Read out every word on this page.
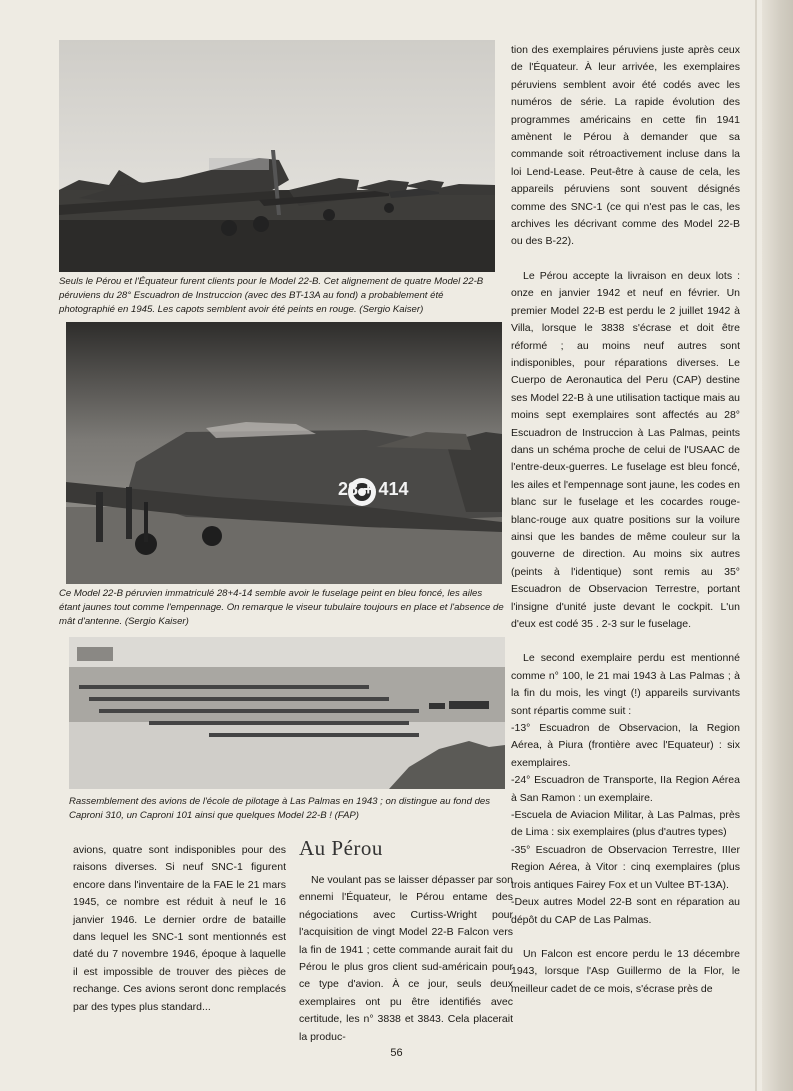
Seuls le Pérou et l'Équateur furent clients pour le Model 22-B. Cet alignement de quatre Model 22-B péruviens du 28° Escuadron de Instruccion (avec des BT-13A au fond) a probablement été photographié en 1945. Les capots semblent avoir été peints en rouge. (Sergio Kaiser)
28 + 414
Ce Model 22-B péruvien immatriculé 28+4-14 semble avoir le fuselage peint en bleu foncé, les ailes étant jaunes tout comme l'empennage. On remarque le viseur tubulaire toujours en place et l'absence de mât d'antenne. (Sergio Kaiser)
Rassemblement des avions de l'école de pilotage à Las Palmas en 1943 ; on distingue au fond des Caproni 310, un Caproni 101 ainsi que quelques Model 22-B ! (FAP)

avions, quatre sont indisponibles pour des raisons diverses. Si neuf SNC-1 figurent encore dans l'inventaire de la FAE le 21 mars 1945, ce nombre est réduit à neuf le 16 janvier 1946. Le dernier ordre de bataille dans lequel les SNC-1 sont mentionnés est daté du 7 novembre 1946, époque à laquelle il est impossible de trouver des pièces de rechange. Ces avions seront donc remplacés par des types plus standard...

Au Pérou

Ne voulant pas se laisser dépasser par son ennemi l'Équateur, le Pérou entame des négociations avec Curtiss-Wright pour l'acquisition de vingt Model 22-B Falcon vers la fin de 1941 ; cette commande aurait fait du Pérou le plus gros client sud-américain pour ce type d'avion. À ce jour, seuls deux exemplaires ont pu être identifiés avec certitude, les n° 3838 et 3843. Cela placerait la produc-

tion des exemplaires péruviens juste après ceux de l'Équateur. À leur arrivée, les exemplaires péruviens semblent avoir été codés avec les numéros de série. La rapide évolution des programmes américains en cette fin 1941 amènent le Pérou à demander que sa commande soit rétroactivement incluse dans la loi Lend-Lease. Peut-être à cause de cela, les appareils péruviens sont souvent désignés comme des SNC-1 (ce qui n'est pas le cas, les archives les décrivant comme des Model 22-B ou des B-22).

Le Pérou accepte la livraison en deux lots : onze en janvier 1942 et neuf en février. Un premier Model 22-B est perdu le 2 juillet 1942 à Villa, lorsque le 3838 s'écrase et doit être réformé ; au moins neuf autres sont indisponibles, pour réparations diverses. Le Cuerpo de Aeronautica del Peru (CAP) destine ses Model 22-B à une utilisation tactique mais au moins sept exemplaires sont affectés au 28° Escuadron de Instruccion à Las Palmas, peints dans un schéma proche de celui de l'USAAC de l'entre-deux-guerres. Le fuselage est bleu foncé, les ailes et l'empennage sont jaune, les codes en blanc sur le fuselage et les cocardes rouge-blanc-rouge aux quatre positions sur la voilure ainsi que les bandes de même couleur sur la gouverne de direction. Au moins six autres (peints à l'identique) sont remis au 35° Escuadron de Observacion Terrestre, portant l'insigne d'unité juste devant le cockpit. L'un d'eux est codé 35 . 2-3 sur le fuselage.

Le second exemplaire perdu est mentionné comme n° 100, le 21 mai 1943 à Las Palmas ; à la fin du mois, les vingt (!) appareils survivants sont répartis comme suit :

-13° Escuadron de Observacion, la Region Aérea, à Piura (frontière avec l'Equateur) : six exemplaires.
-24° Escuadron de Transporte, IIa Region Aérea à San Ramon : un exemplaire.
-Escuela de Aviacion Militar, à Las Palmas, près de Lima : six exemplaires (plus d'autres types)
-35° Escuadron de Observacion Terrestre, IIIer Region Aérea, à Vitor : cinq exemplaires (plus trois antiques Fairey Fox et un Vultee BT-13A).
-Deux autres Model 22-B sont en réparation au dépôt du CAP de Las Palmas.

Un Falcon est encore perdu le 13 décembre 1943, lorsque l'Asp Guillermo de la Flor, le meilleur cadet de ce mois, s'écrase près de

56
